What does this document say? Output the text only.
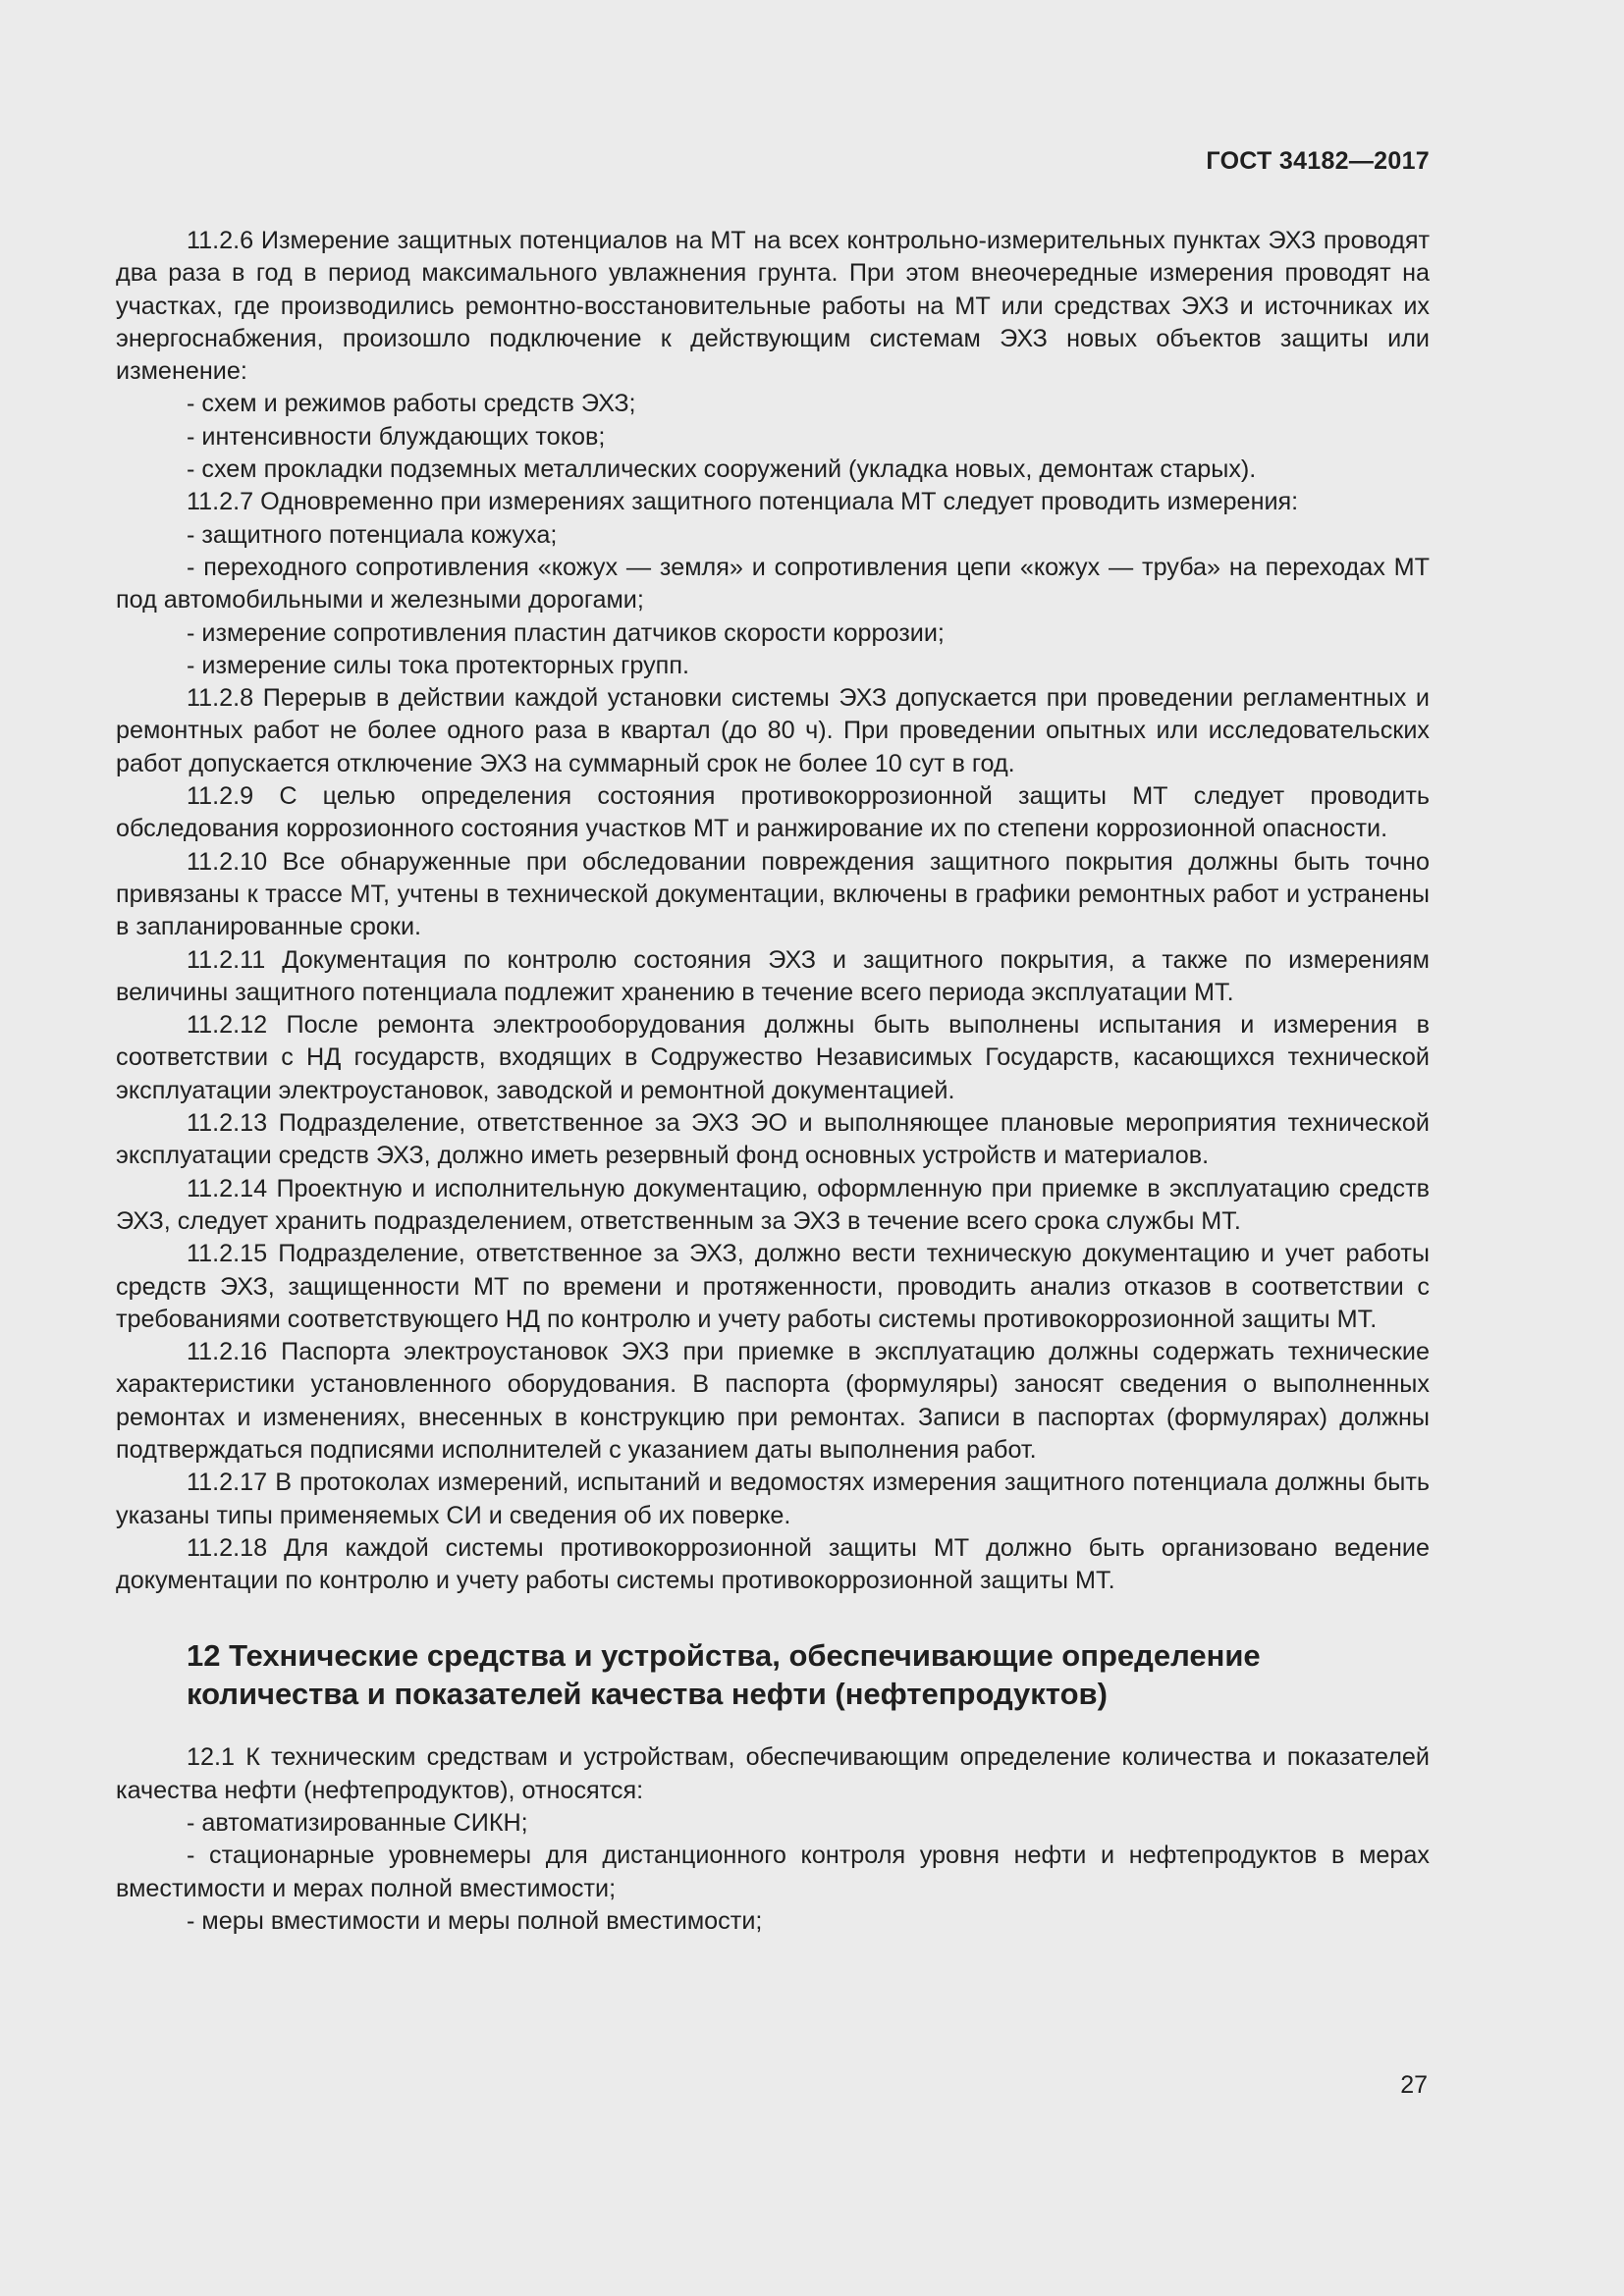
ГОСТ 34182—2017

11.2.6 Измерение защитных потенциалов на МТ на всех контрольно-измерительных пунктах ЭХЗ проводят два раза в год в период максимального увлажнения грунта. При этом внеочередные измерения проводят на участках, где производились ремонтно-восстановительные работы на МТ или средствах ЭХЗ и источниках их энергоснабжения, произошло подключение к действующим системам ЭХЗ новых объектов защиты или изменение:

- схем и режимов работы средств ЭХЗ;
- интенсивности блуждающих токов;
- схем прокладки подземных металлических сооружений (укладка новых, демонтаж старых).

11.2.7 Одновременно при измерениях защитного потенциала МТ следует проводить измерения:

- защитного потенциала кожуха;
- переходного сопротивления «кожух — земля» и сопротивления цепи «кожух — труба» на переходах МТ под автомобильными и железными дорогами;
- измерение сопротивления пластин датчиков скорости коррозии;
- измерение силы тока протекторных групп.

11.2.8 Перерыв в действии каждой установки системы ЭХЗ допускается при проведении регламентных и ремонтных работ не более одного раза в квартал (до 80 ч). При проведении опытных или исследовательских работ допускается отключение ЭХЗ на суммарный срок не более 10 сут в год.

11.2.9 С целью определения состояния противокоррозионной защиты МТ следует проводить обследования коррозионного состояния участков МТ и ранжирование их по степени коррозионной опасности.

11.2.10 Все обнаруженные при обследовании повреждения защитного покрытия должны быть точно привязаны к трассе МТ, учтены в технической документации, включены в графики ремонтных работ и устранены в запланированные сроки.

11.2.11 Документация по контролю состояния ЭХЗ и защитного покрытия, а также по измерениям величины защитного потенциала подлежит хранению в течение всего периода эксплуатации МТ.

11.2.12 После ремонта электрооборудования должны быть выполнены испытания и измерения в соответствии с НД государств, входящих в Содружество Независимых Государств, касающихся технической эксплуатации электроустановок, заводской и ремонтной документацией.

11.2.13 Подразделение, ответственное за ЭХЗ ЭО и выполняющее плановые мероприятия технической эксплуатации средств ЭХЗ, должно иметь резервный фонд основных устройств и материалов.

11.2.14 Проектную и исполнительную документацию, оформленную при приемке в эксплуатацию средств ЭХЗ, следует хранить подразделением, ответственным за ЭХЗ в течение всего срока службы МТ.

11.2.15 Подразделение, ответственное за ЭХЗ, должно вести техническую документацию и учет работы средств ЭХЗ, защищенности МТ по времени и протяженности, проводить анализ отказов в соответствии с требованиями соответствующего НД по контролю и учету работы системы противокоррозионной защиты МТ.

11.2.16 Паспорта электроустановок ЭХЗ при приемке в эксплуатацию должны содержать технические характеристики установленного оборудования. В паспорта (формуляры) заносят сведения о выполненных ремонтах и изменениях, внесенных в конструкцию при ремонтах. Записи в паспортах (формулярах) должны подтверждаться подписями исполнителей с указанием даты выполнения работ.

11.2.17 В протоколах измерений, испытаний и ведомостях измерения защитного потенциала должны быть указаны типы применяемых СИ и сведения об их поверке.

11.2.18 Для каждой системы противокоррозионной защиты МТ должно быть организовано ведение документации по контролю и учету работы системы противокоррозионной защиты МТ.

12 Технические средства и устройства, обеспечивающие определение количества и показателей качества нефти (нефтепродуктов)

12.1 К техническим средствам и устройствам, обеспечивающим определение количества и показателей качества нефти (нефтепродуктов), относятся:

- автоматизированные СИКН;
- стационарные уровнемеры для дистанционного контроля уровня нефти и нефтепродуктов в мерах вместимости и мерах полной вместимости;
- меры вместимости и меры полной вместимости;
27
